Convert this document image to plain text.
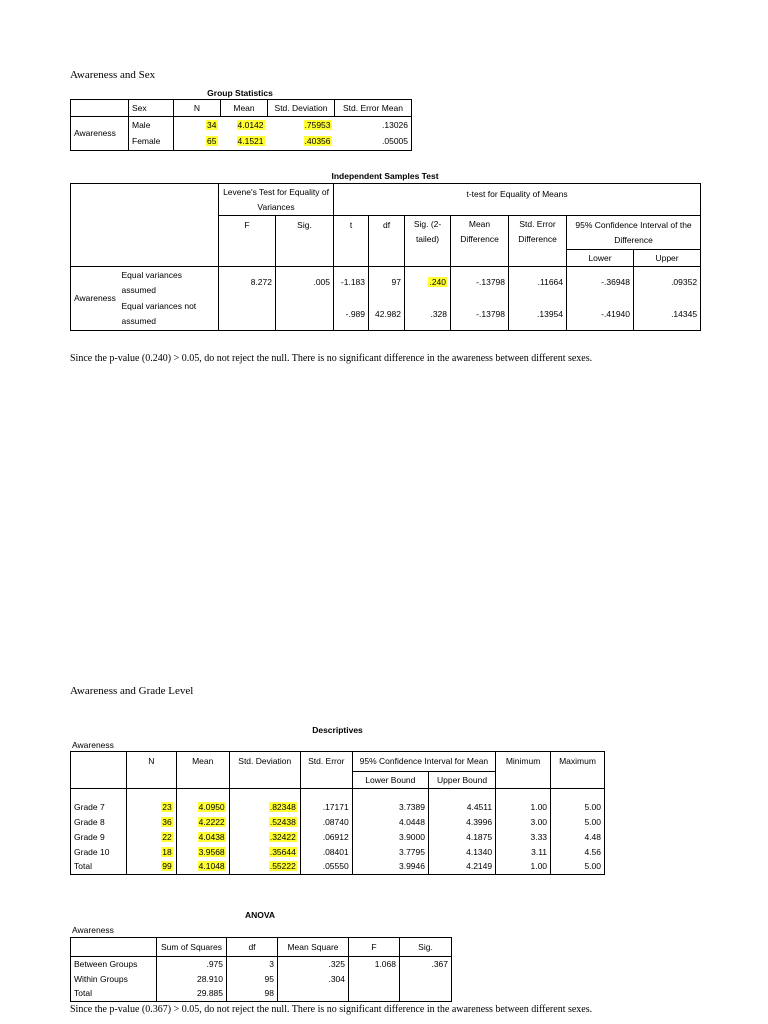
Awareness and Sex
Group Statistics
	Sex	N	Mean	Std. Deviation	Std. Error Mean
Awareness	Male	34	4.0142	.75953	.13026
	Female	65	4.1521	.40356	.05005
Independent Samples Test
		Levene's Test for Equality of Variances		t-test for Equality of Means						
		F	Sig.	t	df	Sig. (2-tailed)	Mean Difference	Std. Error Difference	95% Confidence Interval of the Difference	
									Lower	Upper
Awareness	Equal variances assumed	8.272	.005	-1.183	97	.240	-.13798	.11664	-.36948	.09352
	Equal variances not assumed			-.989	42.982	.328	-.13798	.13954	-.41940	.14345
Since the p-value (0.240) > 0.05, do not reject the null. There is no significant difference in the awareness between different sexes.
Awareness and Grade Level
Descriptives
Awareness
	N	Mean	Std. Deviation	Std. Error	95% Confidence Interval for Mean		Minimum	Maximum
					Lower Bound	Upper Bound		

Grade 7	23	4.0950	.82348	.17171	3.7389	4.4511	1.00	5.00
Grade 8	36	4.2222	.52438	.08740	4.0448	4.3996	3.00	5.00
Grade 9	22	4.0438	.32422	.06912	3.9000	4.1875	3.33	4.48
Grade 10	18	3.9568	.35644	.08401	3.7795	4.1340	3.11	4.56
Total	99	4.1048	.55222	.05550	3.9946	4.2149	1.00	5.00
ANOVA
Awareness
	Sum of Squares	df	Mean Square	F	Sig.
Between Groups	.975	3	.325	1.068	.367
Within Groups	28.910	95	.304		
Total	29.885	98			
Since the p-value (0.367) > 0.05, do not reject the null. There is no significant difference in the awareness between different sexes.
